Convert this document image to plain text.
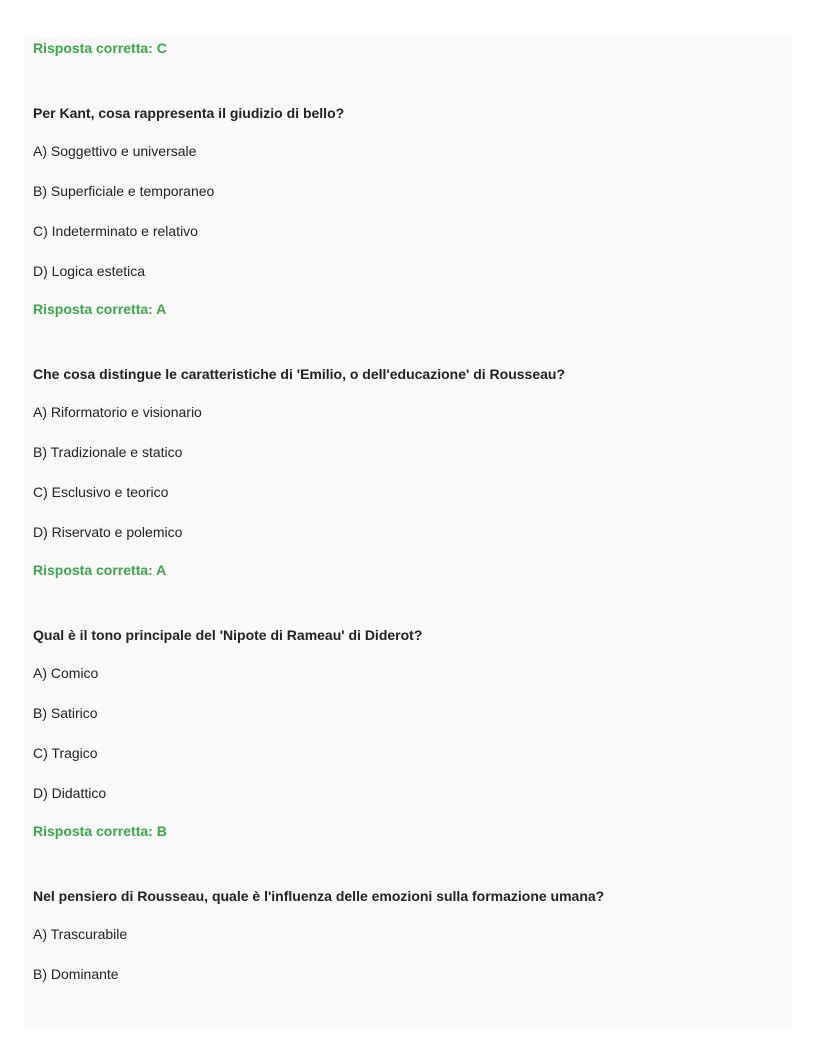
Risposta corretta: C
Per Kant, cosa rappresenta il giudizio di bello?
A) Soggettivo e universale
B) Superficiale e temporaneo
C) Indeterminato e relativo
D) Logica estetica
Risposta corretta: A
Che cosa distingue le caratteristiche di 'Emilio, o dell'educazione' di Rousseau?
A) Riformatorio e visionario
B) Tradizionale e statico
C) Esclusivo e teorico
D) Riservato e polemico
Risposta corretta: A
Qual è il tono principale del 'Nipote di Rameau' di Diderot?
A) Comico
B) Satirico
C) Tragico
D) Didattico
Risposta corretta: B
Nel pensiero di Rousseau, quale è l'influenza delle emozioni sulla formazione umana?
A) Trascurabile
B) Dominante
